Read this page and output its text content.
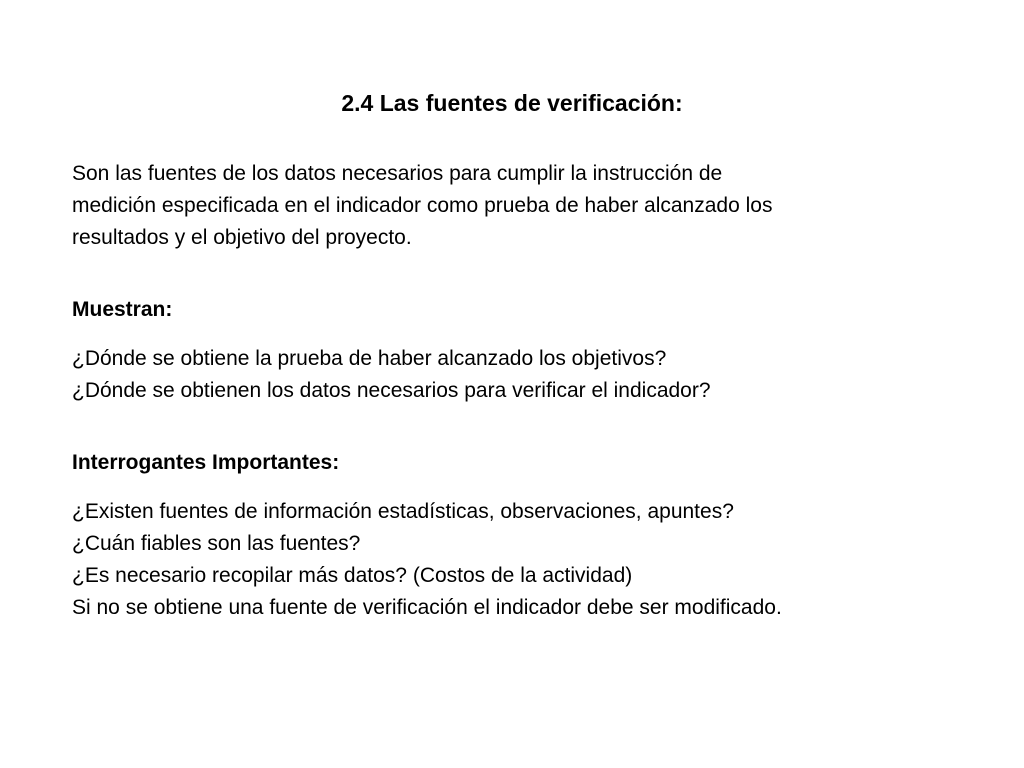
2.4 Las fuentes de verificación:
Son las fuentes de los datos necesarios para cumplir la instrucción de
medición especificada en el indicador como prueba de haber alcanzado los
resultados y el objetivo del proyecto.
Muestran:
¿Dónde se obtiene la prueba de haber alcanzado los objetivos?
¿Dónde se obtienen los datos necesarios para verificar el indicador?
Interrogantes Importantes:
¿Existen fuentes de información estadísticas, observaciones, apuntes?
¿Cuán fiables son las fuentes?
¿Es necesario recopilar más datos? (Costos de la actividad)
Si no se obtiene una fuente de verificación el indicador debe ser modificado.
